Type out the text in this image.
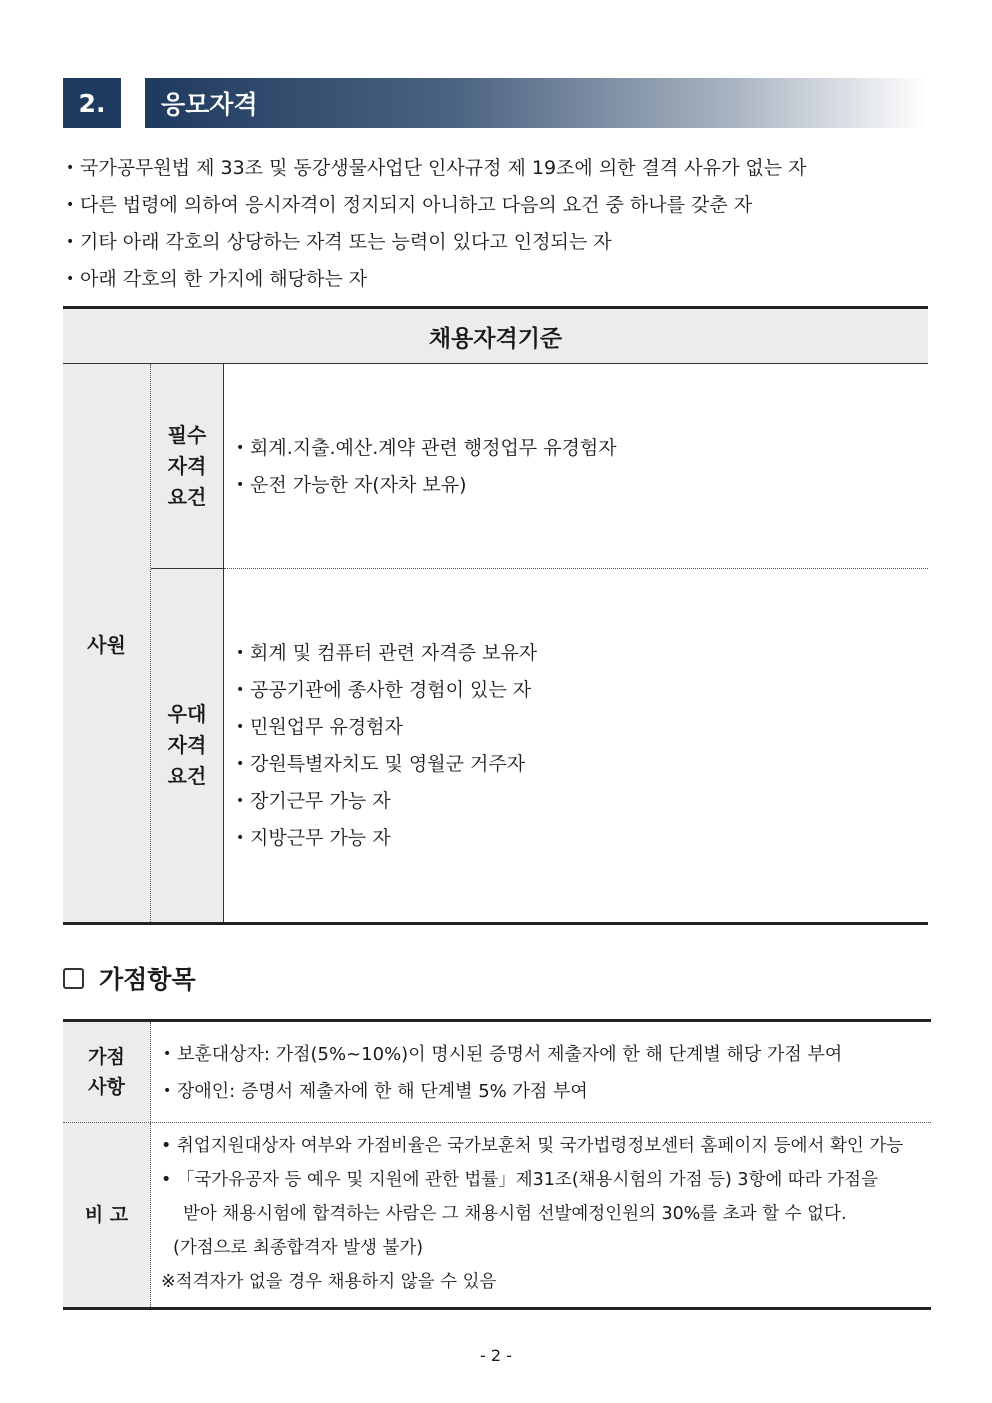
2.	응모자격
• 국가공무원법 제 33조 및 동강생물사업단 인사규정 제 19조에 의한 결격 사유가 없는 자
• 다른 법령에 의하여 응시자격이 정지되지 아니하고 다음의 요건 중 하나를 갖춘 자
• 기타 아래 각호의 상당하는 자격 또는 능력이 있다고 인정되는 자
• 아래 각호의 한 가지에 해당하는 자
채용자격기준
사원
필수
자격
요건
• 회계.지출.예산.계약 관련 행정업무 유경험자
• 운전 가능한 자(자차 보유)
우대
자격
요건
• 회계 및 컴퓨터 관련 자격증 보유자
• 공공기관에 종사한 경험이 있는 자
• 민원업무 유경험자
• 강원특별자치도 및 영월군 거주자
• 장기근무 가능 자
• 지방근무 가능 자
가점항목
가점
사항
• 보훈대상자: 가점(5%~10%)이 명시된 증명서 제출자에 한 해 단계별 해당 가점 부여
• 장애인: 증명서 제출자에 한 해 단계별 5% 가점 부여
비 고
• 취업지원대상자 여부와 가점비율은 국가보훈처 및 국가법령정보센터 홈페이지 등에서 확인 가능
• 「국가유공자 등 예우 및 지원에 관한 법률」제31조(채용시험의 가점 등) 3항에 따라 가점을
받아 채용시험에 합격하는 사람은 그 채용시험 선발예정인원의 30%를 초과 할 수 없다.
(가점으로 최종합격자 발생 불가)
※적격자가 없을 경우 채용하지 않을 수 있음
- 2 -
